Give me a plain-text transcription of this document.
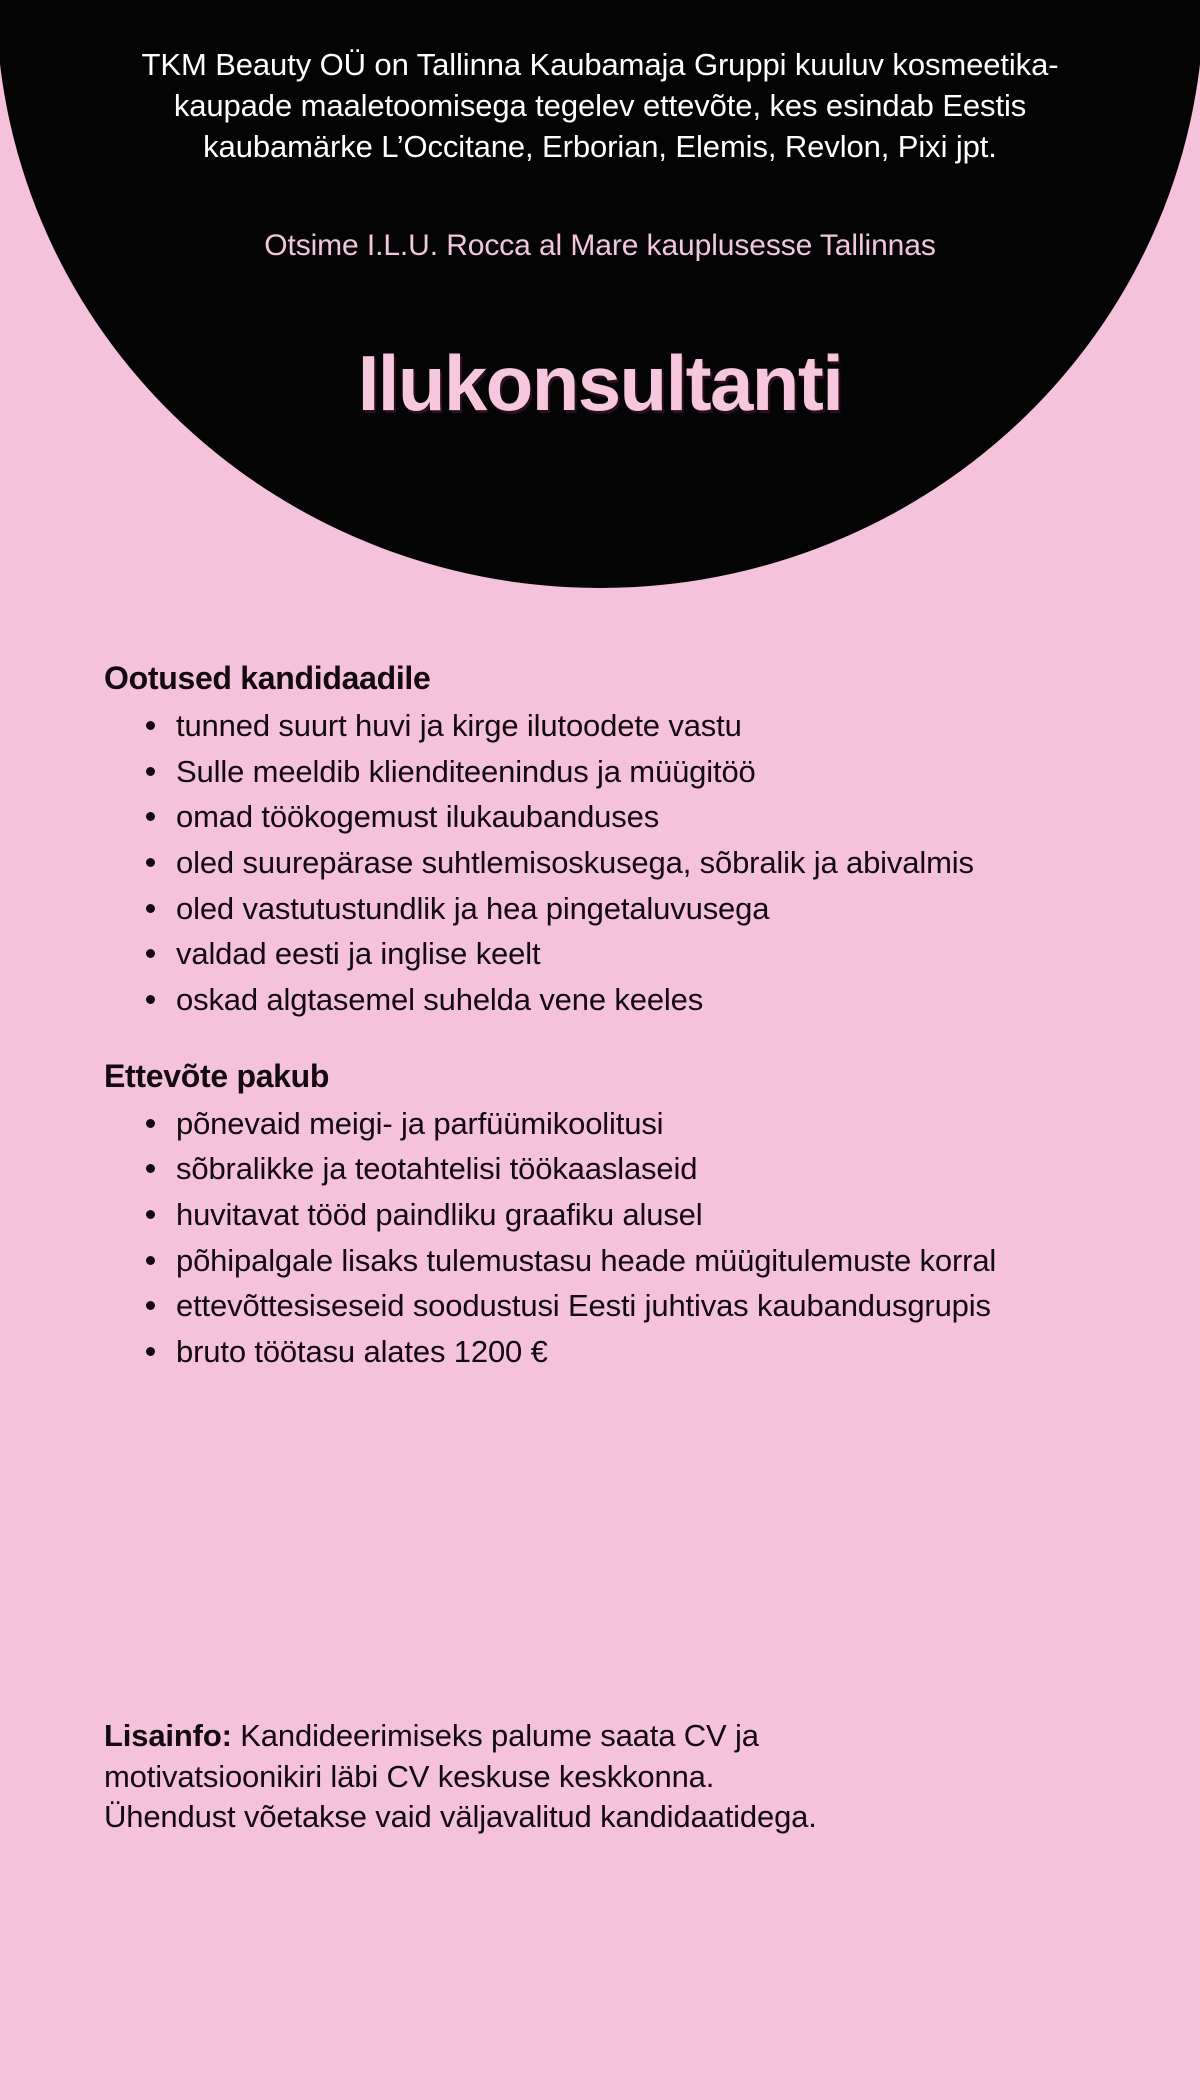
TKM Beauty OÜ on Tallinna Kaubamaja Gruppi kuuluv kosmeetika-
kaupade maaletoomisega tegelev ettevõte, kes esindab Eestis
kaubamärke L’Occitane, Erborian, Elemis, Revlon, Pixi jpt.
Otsime I.L.U. Rocca al Mare kauplusesse Tallinnas
Ilukonsultanti
Ootused kandidaadile
tunned suurt huvi ja kirge ilutoodete vastu
Sulle meeldib klienditeenindus ja müügitöö
omad töökogemust ilukaubanduses
oled suurepärase suhtlemisoskusega, sõbralik ja abivalmis
oled vastutustundlik ja hea pingetaluvusega
valdad eesti ja inglise keelt
oskad algtasemel suhelda vene keeles
Ettevõte pakub
põnevaid meigi- ja parfüümikoolitusi
sõbralikke ja teotahtelisi töökaaslaseid
huvitavat tööd paindliku graafiku alusel
põhipalgale lisaks tulemustasu heade müügitulemuste korral
ettevõttesiseseid soodustusi Eesti juhtivas kaubandusgrupis
bruto töötasu alates 1200 €
Lisainfo: Kandideerimiseks palume saata CV ja
motivatsioonikiri läbi CV keskuse keskkonna.
Ühendust võetakse vaid väljavalitud kandidaatidega.
